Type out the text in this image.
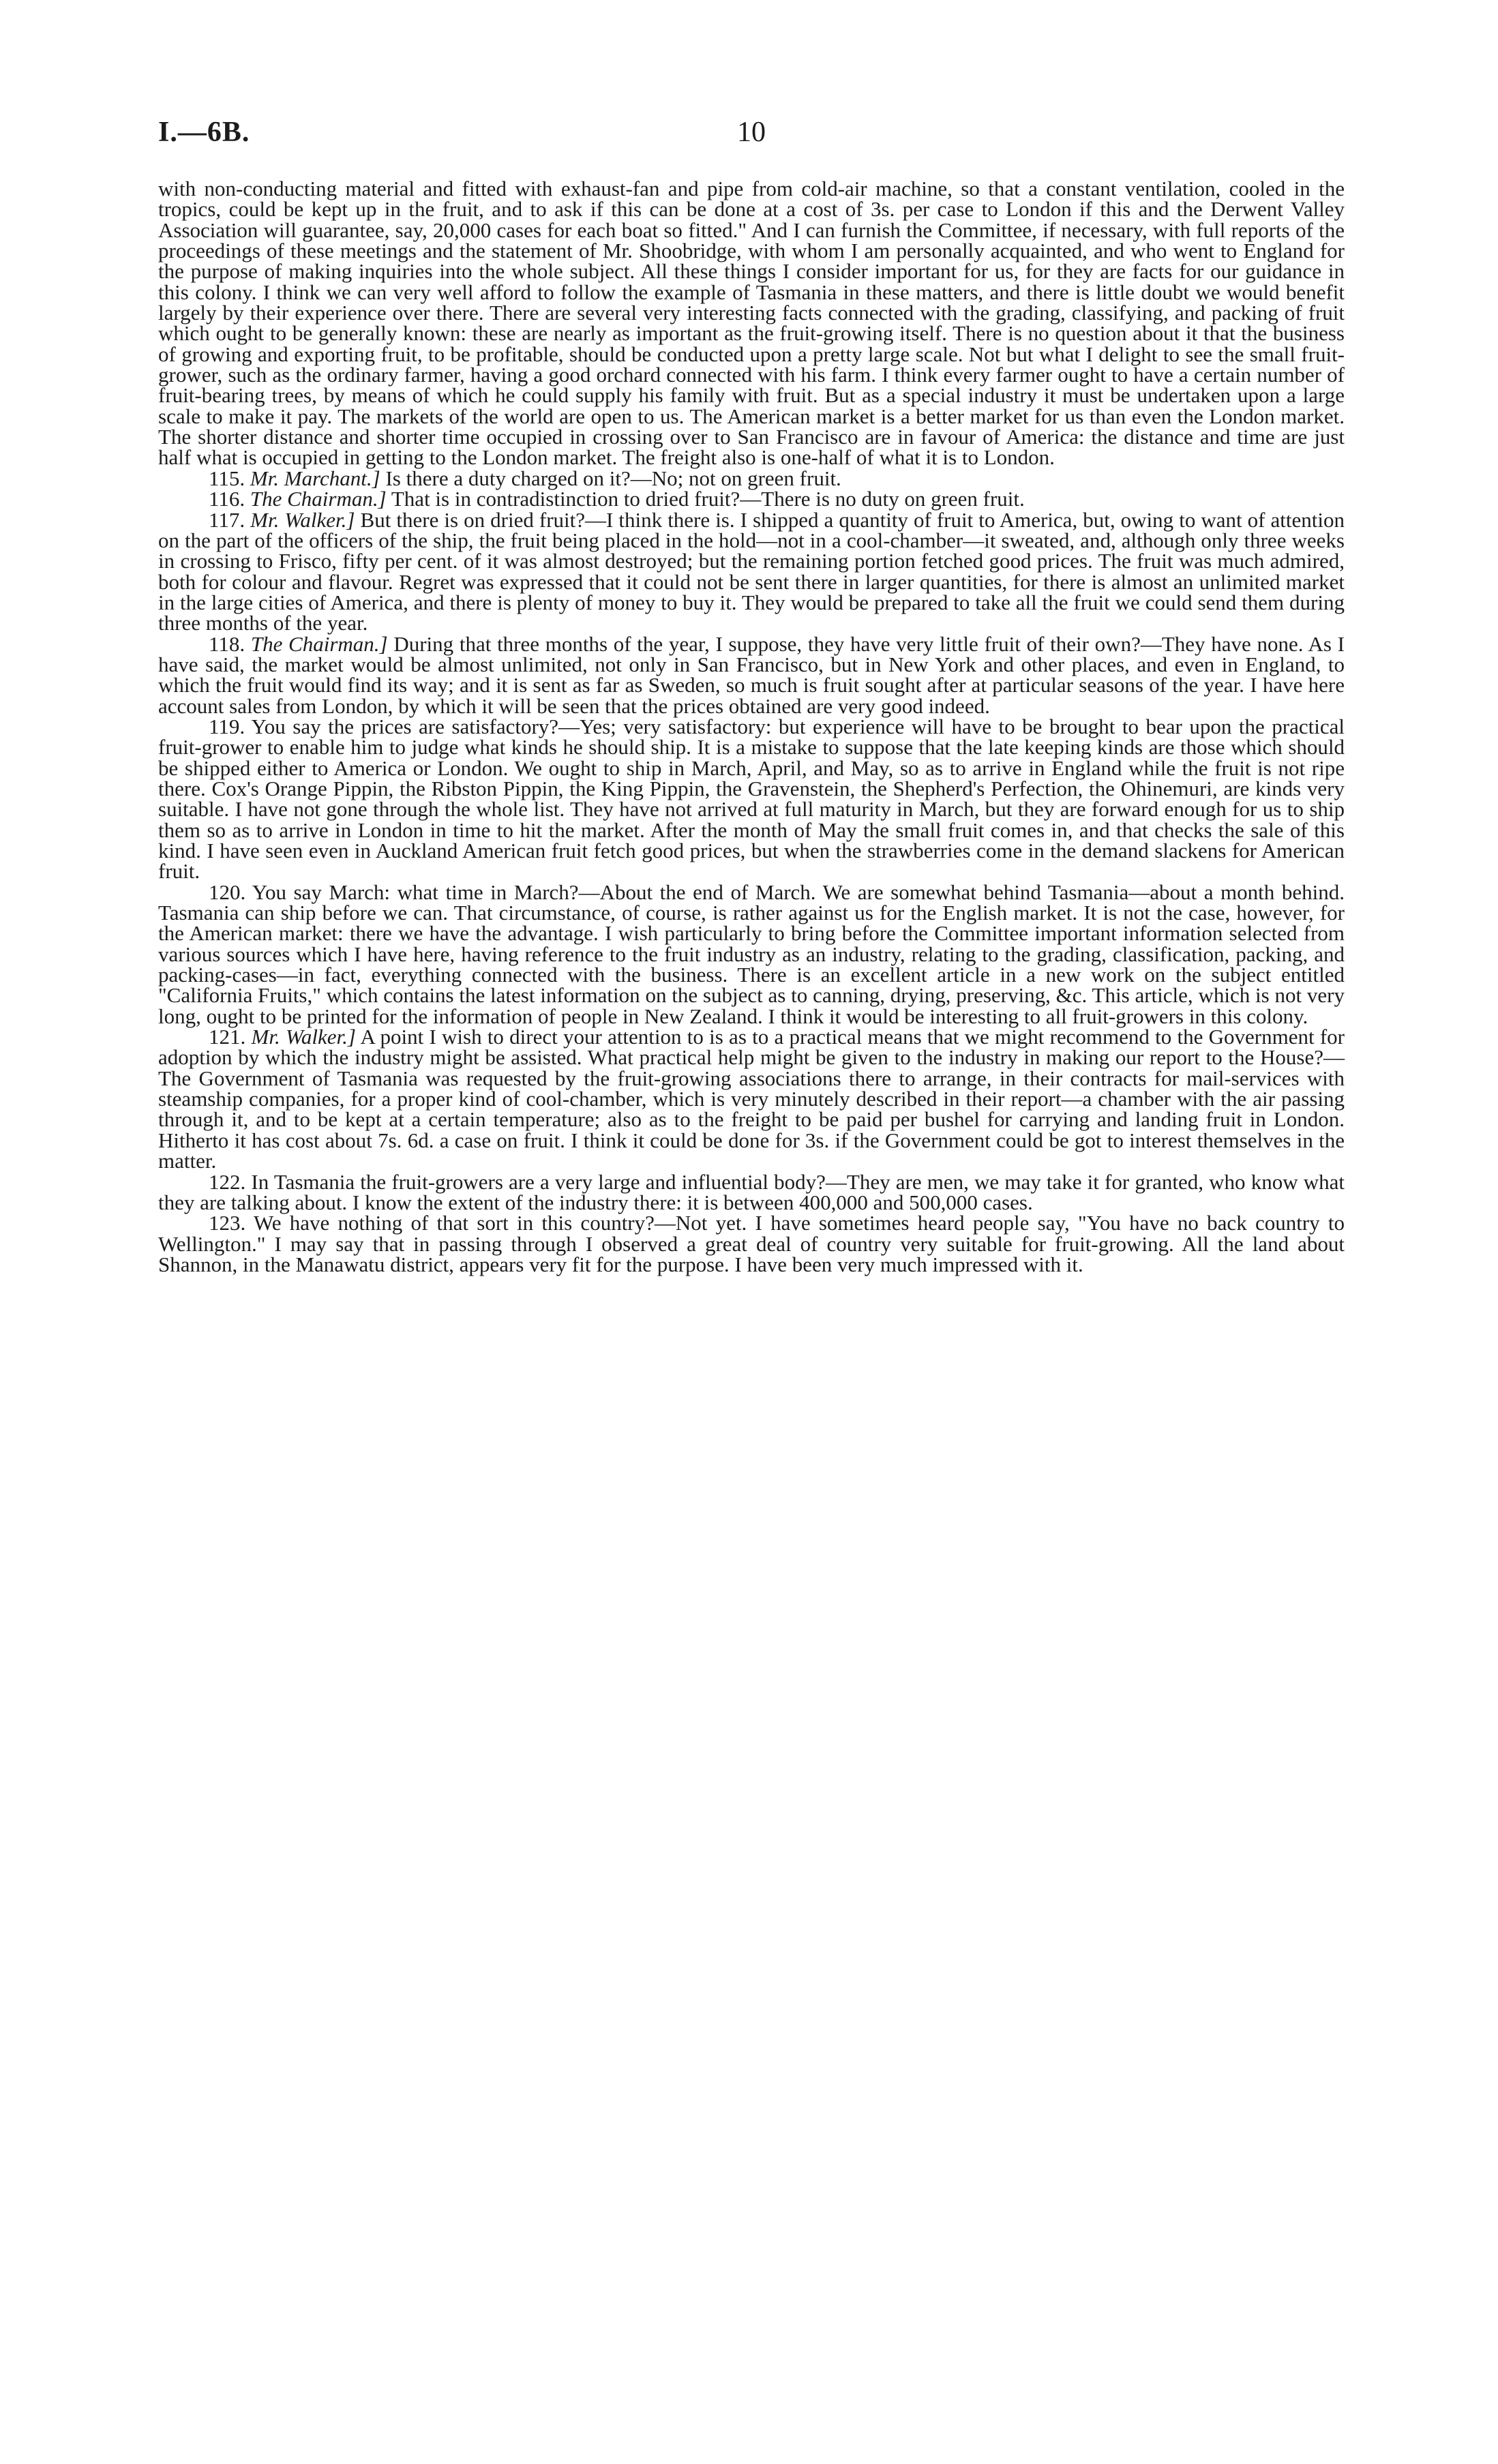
I.—6B.	10

with non-conducting material and fitted with exhaust-fan and pipe from cold-air machine, so that a constant ventilation, cooled in the tropics, could be kept up in the fruit, and to ask if this can be done at a cost of 3s. per case to London if this and the Derwent Valley Association will guarantee, say, 20,000 cases for each boat so fitted." And I can furnish the Committee, if necessary, with full reports of the proceedings of these meetings and the statement of Mr. Shoobridge, with whom I am personally acquainted, and who went to England for the purpose of making inquiries into the whole subject. All these things I consider important for us, for they are facts for our guidance in this colony. I think we can very well afford to follow the example of Tasmania in these matters, and there is little doubt we would benefit largely by their experience over there. There are several very interesting facts connected with the grading, classifying, and packing of fruit which ought to be generally known: these are nearly as important as the fruit-growing itself. There is no question about it that the business of growing and exporting fruit, to be profitable, should be conducted upon a pretty large scale. Not but what I delight to see the small fruit-grower, such as the ordinary farmer, having a good orchard connected with his farm. I think every farmer ought to have a certain number of fruit-bearing trees, by means of which he could supply his family with fruit. But as a special industry it must be undertaken upon a large scale to make it pay. The markets of the world are open to us. The American market is a better market for us than even the London market. The shorter distance and shorter time occupied in crossing over to San Francisco are in favour of America: the distance and time are just half what is occupied in getting to the London market. The freight also is one-half of what it is to London.

115. Mr. Marchant.] Is there a duty charged on it?—No; not on green fruit.

116. The Chairman.] That is in contradistinction to dried fruit?—There is no duty on green fruit.

117. Mr. Walker.] But there is on dried fruit?—I think there is. I shipped a quantity of fruit to America, but, owing to want of attention on the part of the officers of the ship, the fruit being placed in the hold—not in a cool-chamber—it sweated, and, although only three weeks in crossing to Frisco, fifty per cent. of it was almost destroyed; but the remaining portion fetched good prices. The fruit was much admired, both for colour and flavour. Regret was expressed that it could not be sent there in larger quantities, for there is almost an unlimited market in the large cities of America, and there is plenty of money to buy it. They would be prepared to take all the fruit we could send them during three months of the year.

118. The Chairman.] During that three months of the year, I suppose, they have very little fruit of their own?—They have none. As I have said, the market would be almost unlimited, not only in San Francisco, but in New York and other places, and even in England, to which the fruit would find its way; and it is sent as far as Sweden, so much is fruit sought after at particular seasons of the year. I have here account sales from London, by which it will be seen that the prices obtained are very good indeed.

119. You say the prices are satisfactory?—Yes; very satisfactory: but experience will have to be brought to bear upon the practical fruit-grower to enable him to judge what kinds he should ship. It is a mistake to suppose that the late keeping kinds are those which should be shipped either to America or London. We ought to ship in March, April, and May, so as to arrive in England while the fruit is not ripe there. Cox's Orange Pippin, the Ribston Pippin, the King Pippin, the Gravenstein, the Shepherd's Perfection, the Ohinemuri, are kinds very suitable. I have not gone through the whole list. They have not arrived at full maturity in March, but they are forward enough for us to ship them so as to arrive in London in time to hit the market. After the month of May the small fruit comes in, and that checks the sale of this kind. I have seen even in Auckland American fruit fetch good prices, but when the strawberries come in the demand slackens for American fruit.

120. You say March: what time in March?—About the end of March. We are somewhat behind Tasmania—about a month behind. Tasmania can ship before we can. That circumstance, of course, is rather against us for the English market. It is not the case, however, for the American market: there we have the advantage. I wish particularly to bring before the Committee important information selected from various sources which I have here, having reference to the fruit industry as an industry, relating to the grading, classification, packing, and packing-cases—in fact, everything connected with the business. There is an excellent article in a new work on the subject entitled "California Fruits," which contains the latest information on the subject as to canning, drying, preserving, &c. This article, which is not very long, ought to be printed for the information of people in New Zealand. I think it would be interesting to all fruit-growers in this colony.

121. Mr. Walker.] A point I wish to direct your attention to is as to a practical means that we might recommend to the Government for adoption by which the industry might be assisted. What practical help might be given to the industry in making our report to the House?—The Government of Tasmania was requested by the fruit-growing associations there to arrange, in their contracts for mail-services with steamship companies, for a proper kind of cool-chamber, which is very minutely described in their report—a chamber with the air passing through it, and to be kept at a certain temperature; also as to the freight to be paid per bushel for carrying and landing fruit in London. Hitherto it has cost about 7s. 6d. a case on fruit. I think it could be done for 3s. if the Government could be got to interest themselves in the matter.

122. In Tasmania the fruit-growers are a very large and influential body?—They are men, we may take it for granted, who know what they are talking about. I know the extent of the industry there: it is between 400,000 and 500,000 cases.

123. We have nothing of that sort in this country?—Not yet. I have sometimes heard people say, "You have no back country to Wellington." I may say that in passing through I observed a great deal of country very suitable for fruit-growing. All the land about Shannon, in the Manawatu district, appears very fit for the purpose. I have been very much impressed with it.
